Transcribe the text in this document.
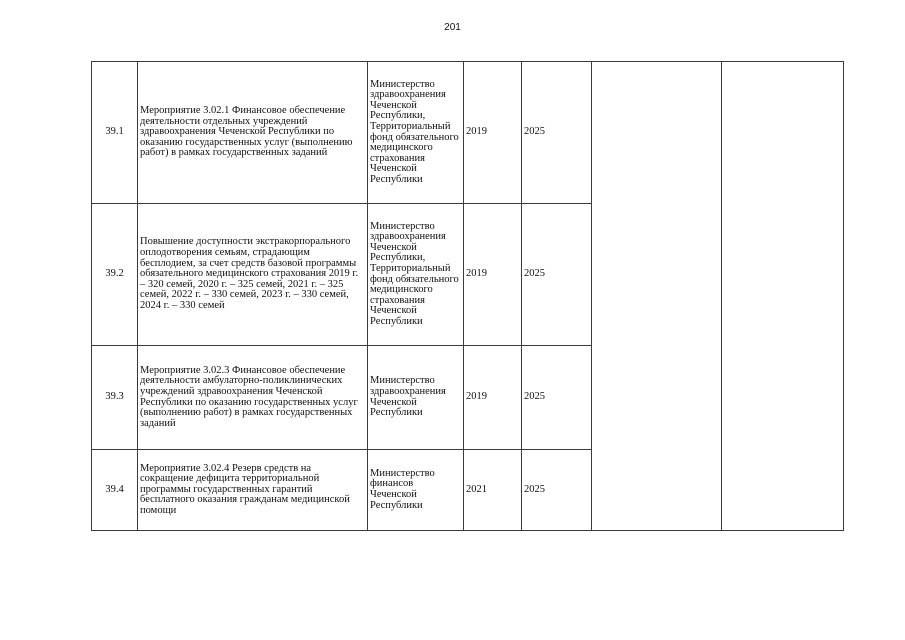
201
39.1	Мероприятие 3.02.1 Финансовое обеспечение деятельности отдельных учреждений здравоохранения Чеченской Республики по оказанию государственных услуг (выполнению работ) в рамках государственных заданий	Министерство здравоохранения Чеченской Республики, Территориальный фонд обязательного медицинского страхования Чеченской Республики	2019	2025		
39.2	Повышение доступности экстракорпорального оплодотворения семьям, страдающим бесплодием, за счет средств базовой программы обязательного медицинского страхования 2019 г. – 320 семей, 2020 г. – 325 семей, 2021 г. – 325 семей, 2022 г. – 330 семей, 2023 г. – 330 семей, 2024 г. – 330 семей	Министерство здравоохранения Чеченской Республики, Территориальный фонд обязательного медицинского страхования Чеченской Республики	2019	2025		
39.3	Мероприятие 3.02.3 Финансовое обеспечение деятельности амбулаторно-поликлинических учреждений здравоохранения Чеченской Республики по оказанию государственных услуг (выполнению работ) в рамках государственных заданий	Министерство здравоохранения Чеченской Республики	2019	2025		
39.4	Мероприятие 3.02.4 Резерв средств на сокращение дефицита территориальной программы государственных гарантий бесплатного оказания гражданам медицинской помощи	Министерство финансов Чеченской Республики	2021	2025		
